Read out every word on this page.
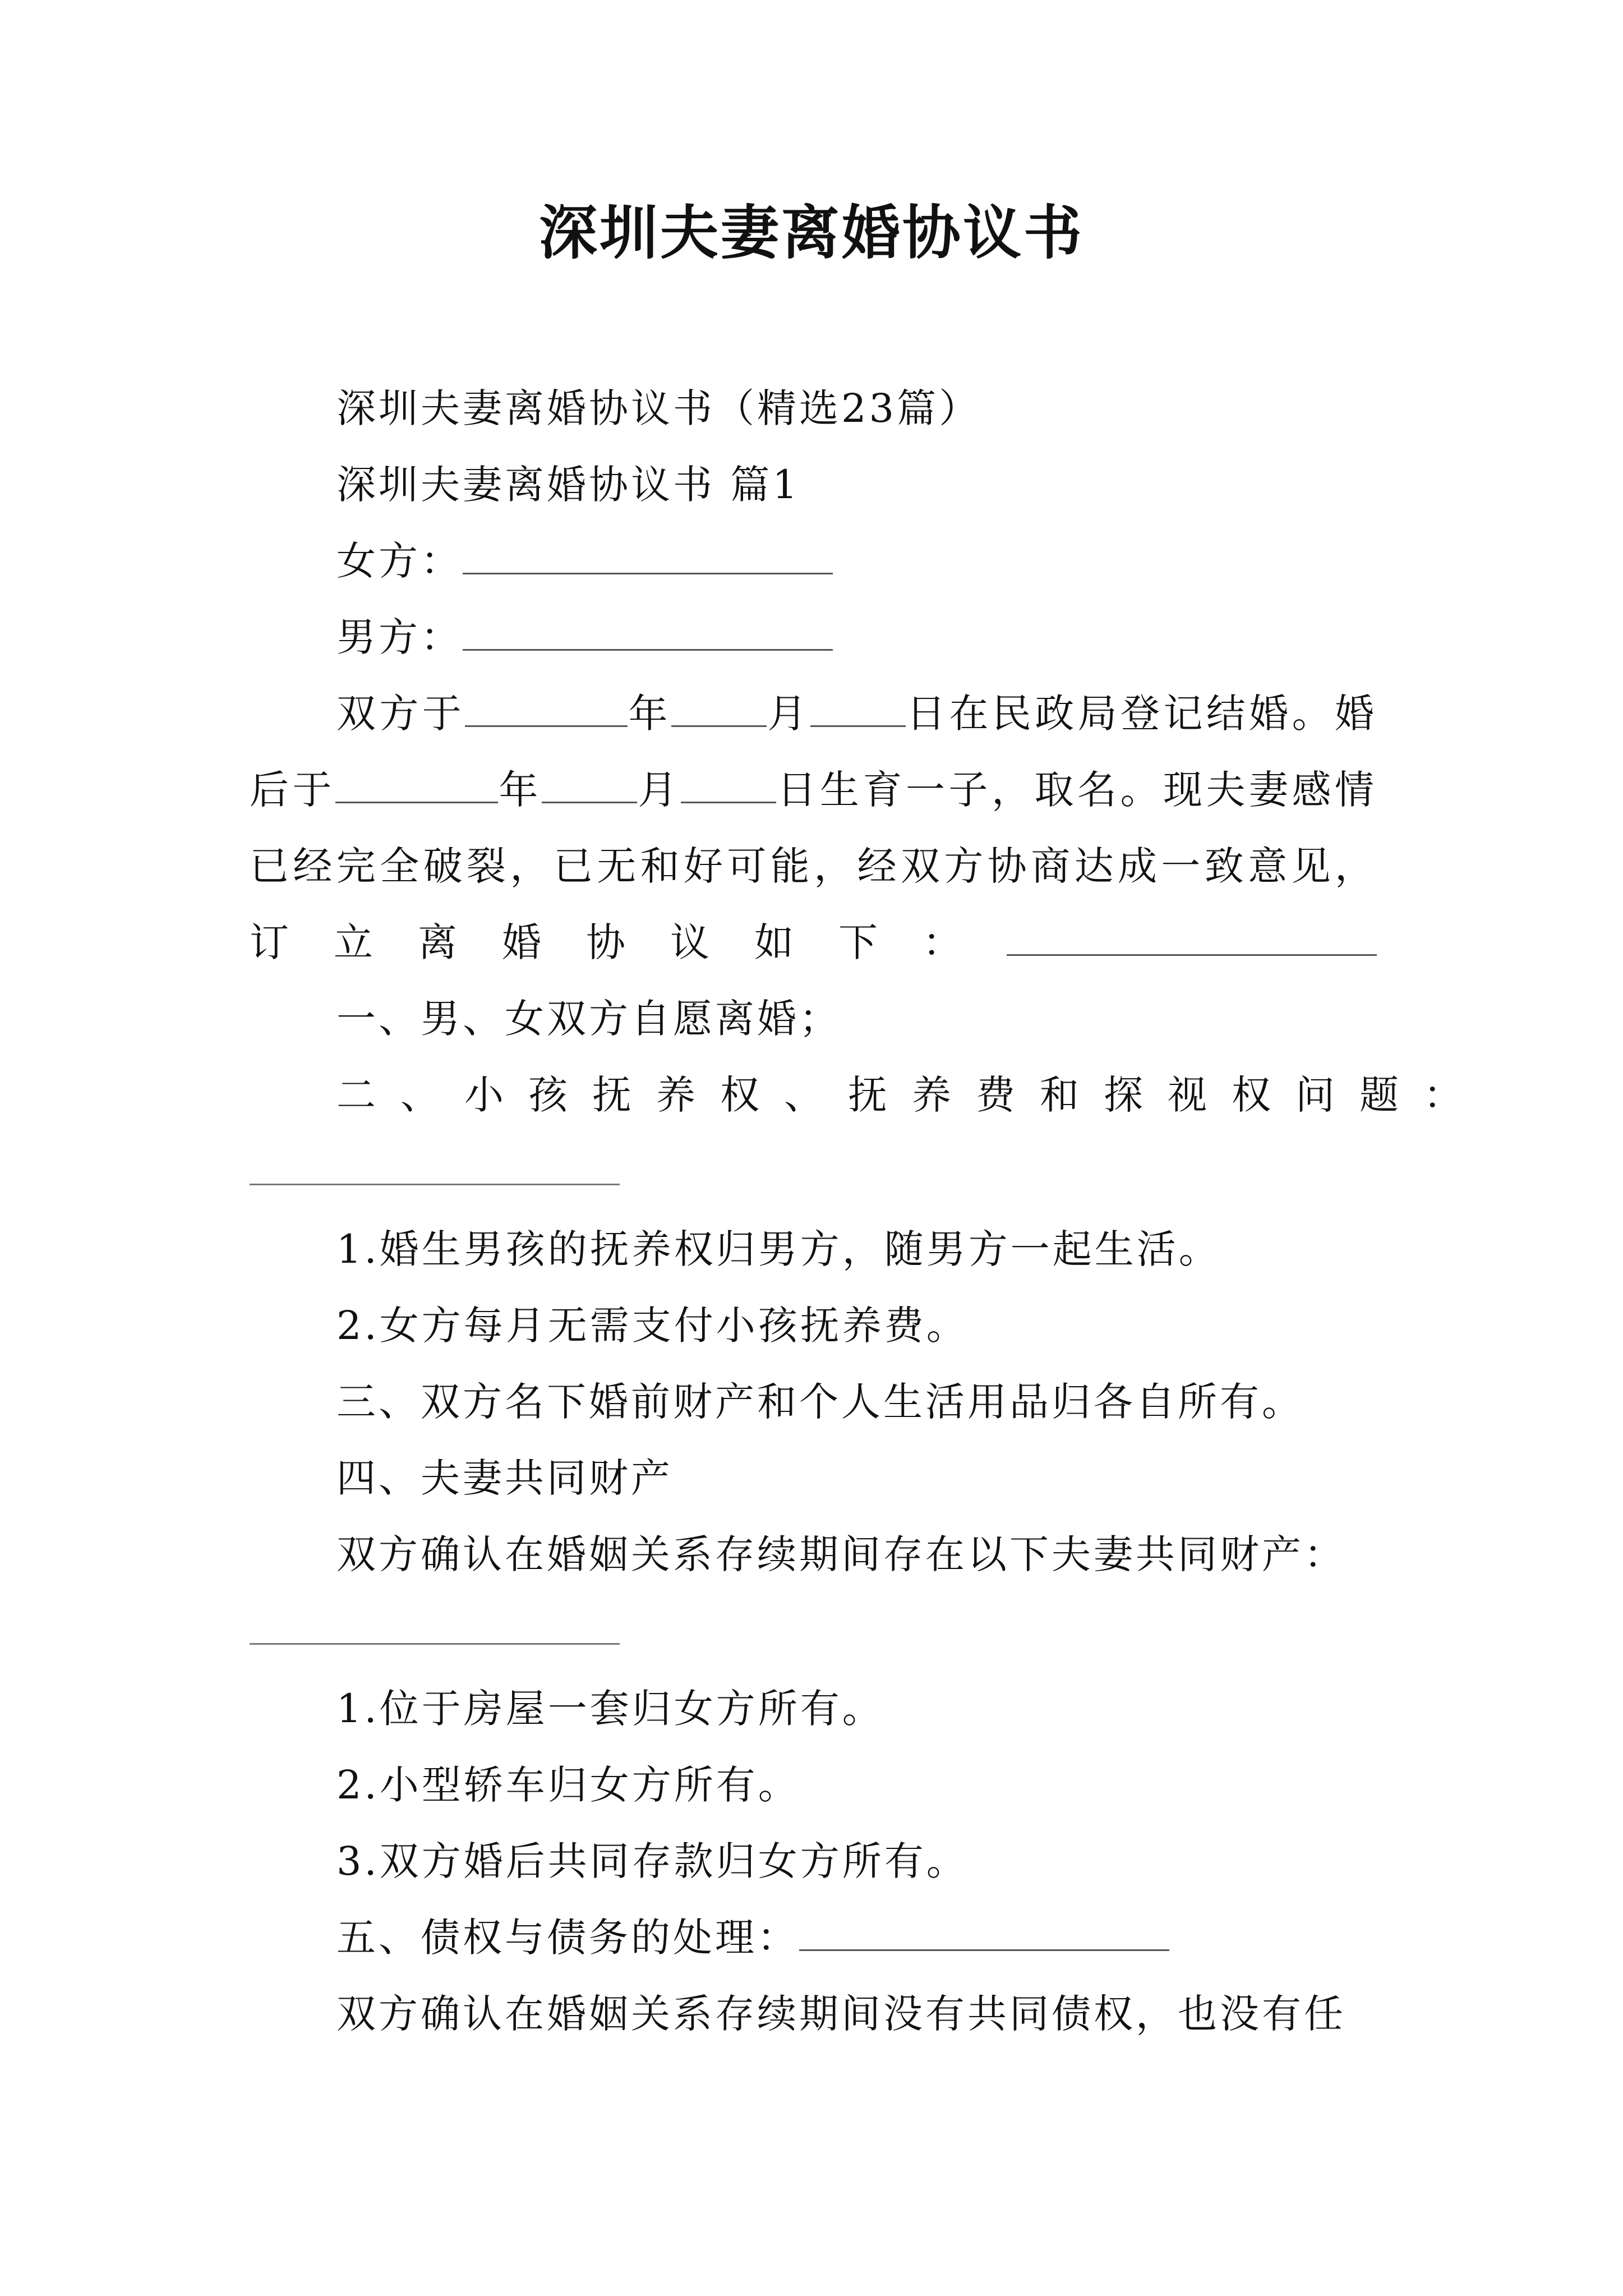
深圳夫妻离婚协议书

深圳夫妻离婚协议书（精选23篇）

深圳夫妻离婚协议书 篇1

女方：

男方：

双方于	年 月 日在民政局登记结婚。婚后于	年 月 日生育一子，取名。现夫妻感情已经完全破裂，已无和好可能，经双方协商达成一致意见，订立离婚协议如下：

一、男、女双方自愿离婚；

二、小孩抚养权、抚养费和探视权问题：

1.婚生男孩的抚养权归男方，随男方一起生活。

2.女方每月无需支付小孩抚养费。

三、双方名下婚前财产和个人生活用品归各自所有。

四、夫妻共同财产

双方确认在婚姻关系存续期间存在以下夫妻共同财产：

1.位于房屋一套归女方所有。

2.小型轿车归女方所有。

3.双方婚后共同存款归女方所有。

五、债权与债务的处理：

双方确认在婚姻关系存续期间没有共同债权，也没有任
